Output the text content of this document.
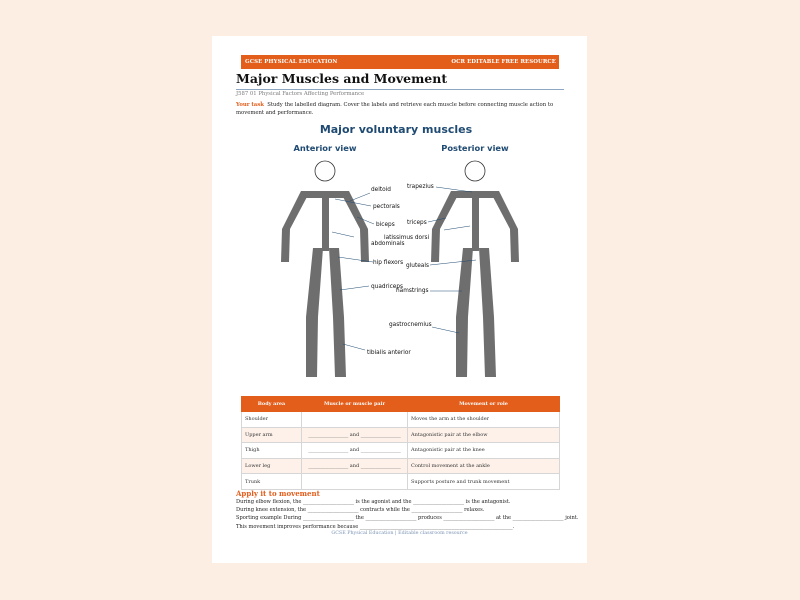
GCSE PHYSICAL EDUCATION	OCR EDITABLE FREE RESOURCE
Major Muscles and Movement
J587 01 Physical Factors Affecting Performance
Your task Study the labelled diagram. Cover the labels and retrieve each muscle before connecting muscle action to movement and performance.
Major voluntary muscles
Anterior view	Posterior view
deltoid
pectorals
biceps
abdominals
hip flexors
quadriceps
tibialis anterior
trapezius
triceps
latissimus dorsi
gluteals
hamstrings
gastrocnemius
Body area	Muscle or muscle pair	Movement or role
Shoulder		Moves the arm at the shoulder
Upper arm	________________ and ________________	Antagonistic pair at the elbow
Thigh	________________ and ________________	Antagonistic pair at the knee
Lower leg	________________ and ________________	Control movement at the ankle
Trunk		Supports posture and trunk movement
Apply it to movement
During elbow flexion, the ____________________ is the agonist and the ____________________ is the antagonist.
During knee extension, the ____________________ contracts while the ____________________ relaxes.
Sporting example During ____________________ the ____________________ produces ____________________ at the ____________________ joint.
This movement improves performance because ____________________________________________________________.
GCSE Physical Education | Editable classroom resource
